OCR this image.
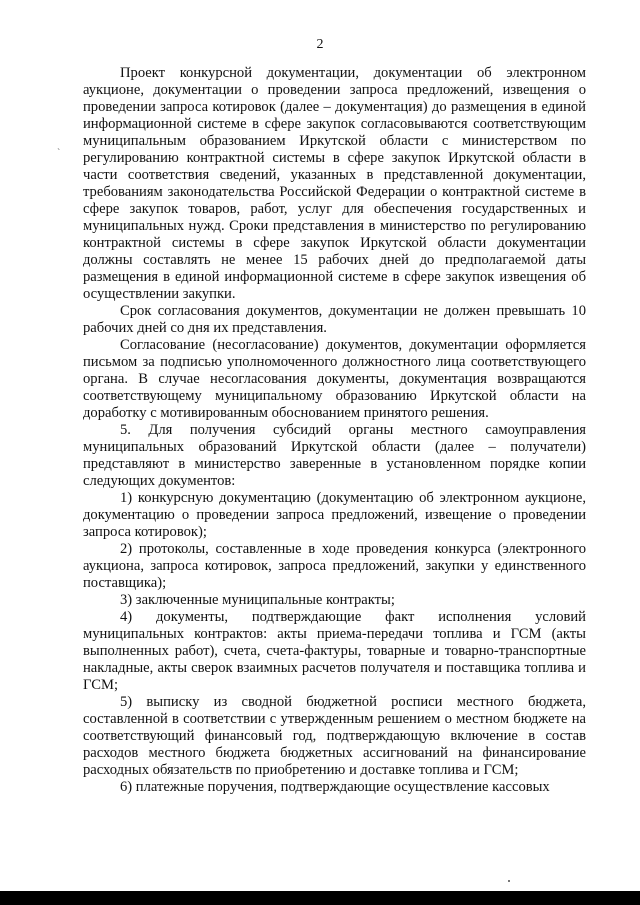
2
`

Проект конкурсной документации, документации об электронном аукционе, документации о проведении запроса предложений, извещения о проведении запроса котировок (далее – документация) до размещения в единой информационной системе в сфере закупок согласовываются соответствующим муниципальным образованием Иркутской области с министерством по регулированию контрактной системы в сфере закупок Иркутской области в части соответствия сведений, указанных в представленной документации, требованиям законодательства Российской Федерации о контрактной системе в сфере закупок товаров, работ, услуг для обеспечения государственных и муниципальных нужд. Сроки представления в министерство по регулированию контрактной системы в сфере закупок Иркутской области документации должны составлять не менее 15 рабочих дней до предполагаемой даты размещения в единой информационной системе в сфере закупок извещения об осуществлении закупки.

Срок согласования документов, документации не должен превышать 10 рабочих дней со дня их представления.

Согласование (несогласование) документов, документации оформляется письмом за подписью уполномоченного должностного лица соответствующего органа. В случае несогласования документы, документация возвращаются соответствующему муниципальному образованию Иркутской области на доработку с мотивированным обоснованием принятого решения.

5. Для получения субсидий органы местного самоуправления муниципальных образований Иркутской области (далее – получатели) представляют в министерство заверенные в установленном порядке копии следующих документов:

1) конкурсную документацию (документацию об электронном аукционе, документацию о проведении запроса предложений, извещение о проведении запроса котировок);

2) протоколы, составленные в ходе проведения конкурса (электронного аукциона, запроса котировок, запроса предложений, закупки у единственного поставщика);

3) заключенные муниципальные контракты;

4) документы, подтверждающие факт исполнения условий муниципальных контрактов: акты приема-передачи топлива и ГСМ (акты выполненных работ), счета, счета-фактуры, товарные и товарно-транспортные накладные, акты сверок взаимных расчетов получателя и поставщика топлива и ГСМ;

5) выписку из сводной бюджетной росписи местного бюджета, составленной в соответствии с утвержденным решением о местном бюджете на соответствующий финансовый год, подтверждающую включение в состав расходов местного бюджета бюджетных ассигнований на финансирование расходных обязательств по приобретению и доставке топлива и ГСМ;

6) платежные поручения, подтверждающие осуществление кассовых
